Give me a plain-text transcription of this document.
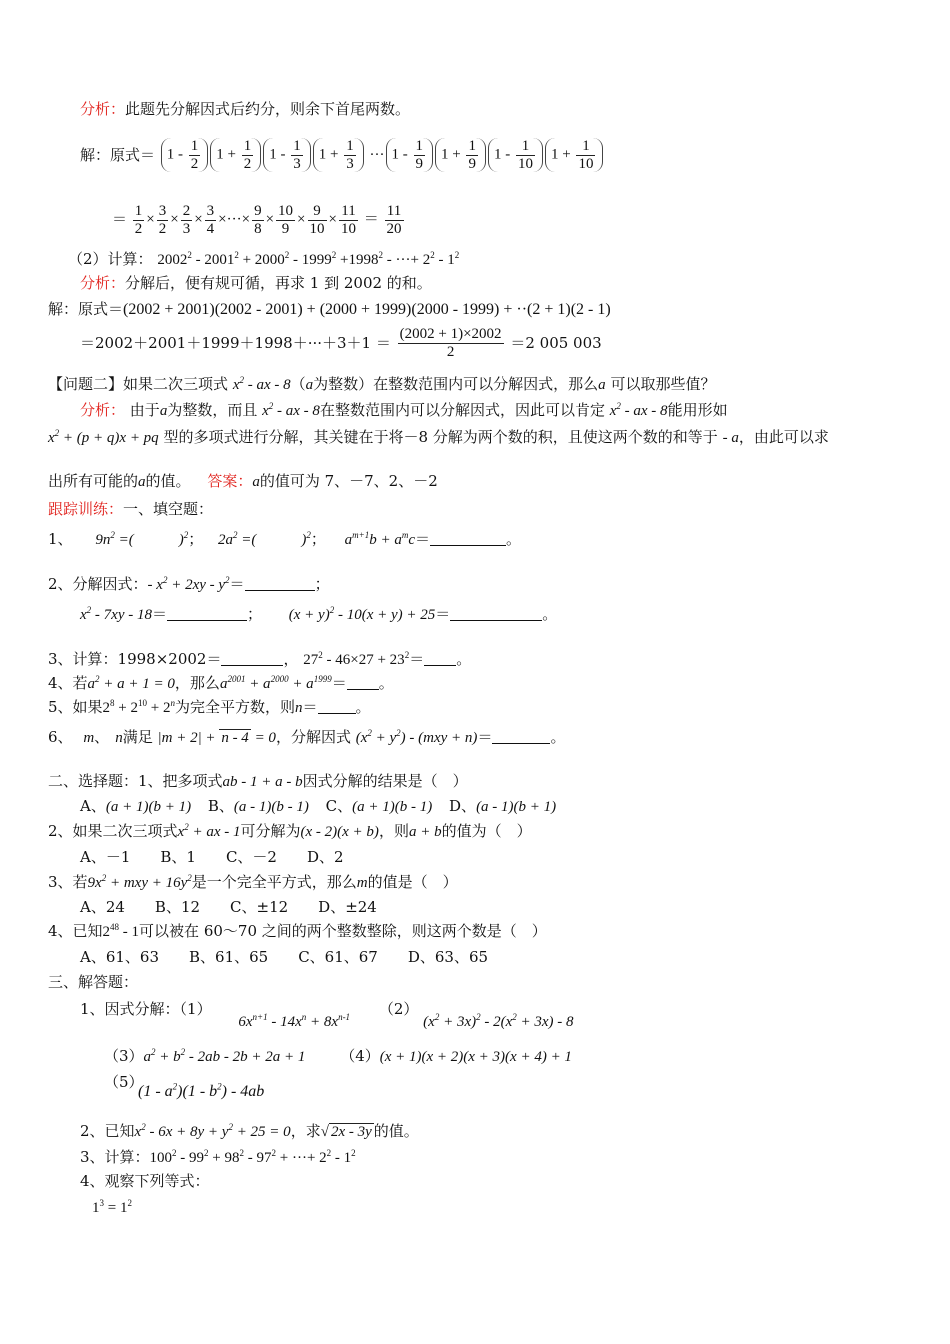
分析：此题先分解因式后约分，则余下首尾两数。
解：原式＝ $1 - \frac{1}{2} 1 + \frac{1}{2} 1 - \frac{1}{3} 1 + \frac{1}{3}$ ··· $1 - \frac{1}{9} 1 + \frac{1}{9} 1 - \frac{1}{10} 1 + \frac{1}{10}$
＝ $\frac{1}{2} \times \frac{3}{2} \times \frac{2}{3} \times \frac{3}{4}$ ×···× $\frac{9}{8} \times \frac{10}{9} \times \frac{9}{10} \times \frac{11}{10} = \frac{11}{20}$
（2）计算： $2002^2 - 2001^2 + 2000^2 - 1999^2 +1998^2$ - ···+ $2^2 - 1^2$
分析：分解后，便有规可循，再求 1 到 2002 的和。
解：原式＝(2002 + 2001)(2002 - 2001) + (2000 + 1999)(2000 - 1999) + ··(2 + 1)(2 - 1)
$=2002+2001+1999+1998+\cdot\cdot\cdot+3+1 = \frac{(2002 + 1)\times 2002}{2} =2$ 005 003
【问题二】如果二次三项式 $x^2$ - ax - 8（a为整数）在整数范围内可以分解因式，那么a 可以取那些值？
分析： 由于a为整数，而且 $x^2$ - ax - 8在整数范围内可以分解因式，因此可以肯定 $x^2$ - ax - 8能用形如
$x^2 + (p + q)x$ + pq 型的多项式进行分解，其关键在于将－8 分解为两个数的积，且使这两个数的和等于 - a，由此可以求
出所有可能的a的值。 答案：a的值可为 7、－7、2、－2
跟踪训练：一、填空题：
1、 $9n^2$ =(　　　)$^2$； $2a^2$ =(　　　)$^2$； $a^{m+1}b + a^mc=$	。
2、分解因式：- $x^2 + 2xy - y^2=$	；
$x^2 - 7xy - 18=$	； $(x + y)^2 - 10(x + y) + 25=$	。
3、计算：1998×2002＝	， $27^2 - 46\times 27 + 23^2=$ 。
4、若$a^2 + a + 1 = 0$，那么$a^{2001} + a^{2000} + a^{1999}=$ 。
5、如果$2^8 + 2^{10} + 2^n$为完全平方数，则n＝	。
6、 m、 n满足 |m + 2| + n - 4 = 0，分解因式 $(x^2 + y^2) - (mxy + n)=$	。
二、选择题：1、把多项式ab - 1 + a - b因式分解的结果是（　）
A、(a + 1)(b + 1) B、(a - 1)(b - 1) C、(a + 1)(b - 1) D、(a - 1)(b + 1)
2、如果二次三项式$x^2$ + ax - 1可分解为(x - 2)(x + b)，则a + b的值为（　）
A、－1　　B、1　　C、－2　　D、2
3、若$9x^2$ + mxy + $16y^2$是一个完全平方式，那么m的值是（　）
A、24　　B、12　　C、±12　　D、±24
4、已知$2^{48} - 1$可以被在 60～70 之间的两个整数整除，则这两个数是（　）
A、61、63　　B、61、65　　C、61、67　　D、63、65
三、解答题：
1、因式分解：（1） $6x^{n+1} - 14x^n + 8x^{n-1}$ （2） $(x^2 + 3x)^2 - 2(x^2 + 3x) - 8$
$(3)a^2 + b^2 - 2ab - 2b + 2a + 1$ （4）(x + 1)(x + 2)(x + 3)(x + 4) + 1
（5）
$(1 - a^2)(1 - b^2) - 4ab$
2、已知$x^2 - 6x + 8y + y^2 + 25 = 0$，求√ 2x - 3y 的值。
3、计算：$100^2 - 99^2 + 98^2 - 97^2$ + ···+ $2^2 - 1^2$
4、观察下列等式：
$1^3 = 1^2$
